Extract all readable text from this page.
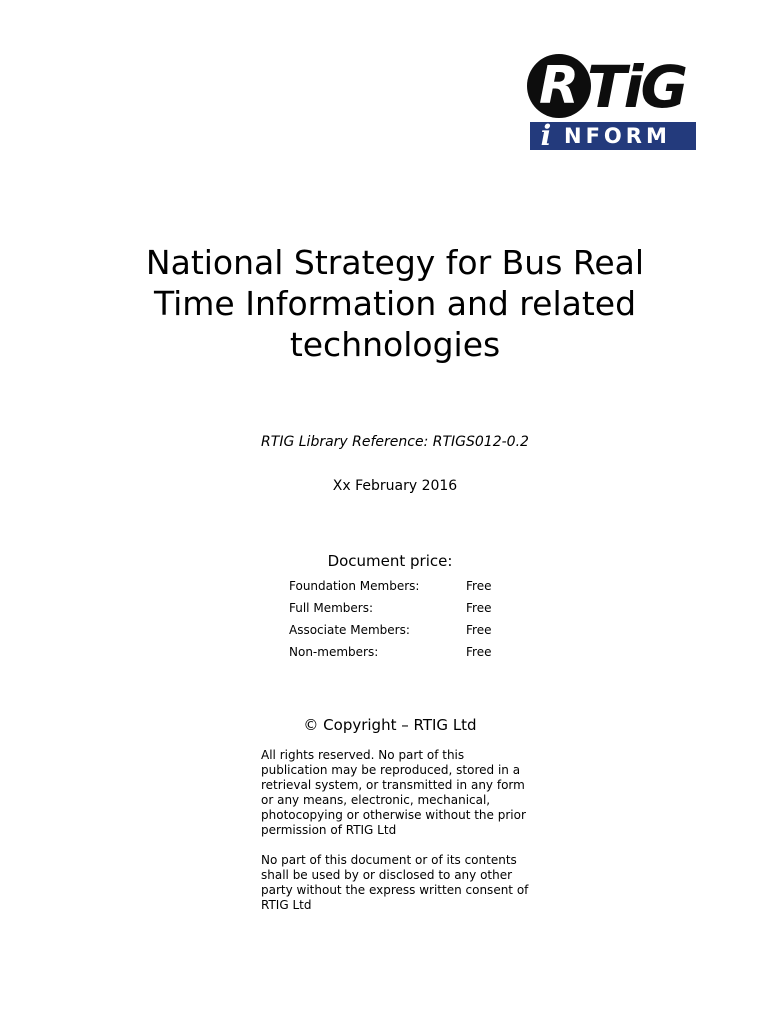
R TiG
i NFORM
National Strategy for Bus Real
Time Information and related
technologies
RTIG Library Reference: RTIGS012-0.2
Xx February 2016
Document price:
Foundation Members:	Free
Full Members:	Free
Associate Members:	Free
Non-members:	Free
© Copyright – RTIG Ltd

All rights reserved. No part of this publication may be reproduced, stored in a retrieval system, or transmitted in any form or any means, electronic, mechanical, photocopying or otherwise without the prior permission of RTIG Ltd

No part of this document or of its contents shall be used by or disclosed to any other party without the express written consent of RTIG Ltd
